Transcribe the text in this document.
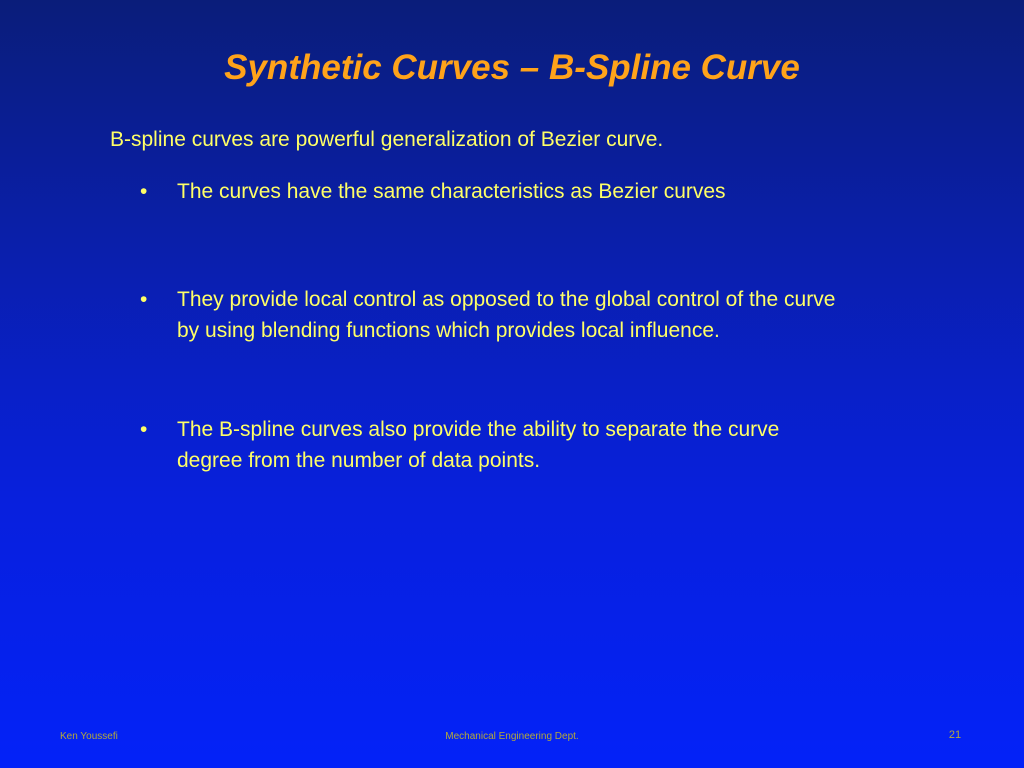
Synthetic Curves – B-Spline Curve

B-spline curves are powerful generalization of Bezier curve.

•	The curves have the same characteristics as Bezier curves
•	They provide local control as opposed to the global control of the curve by using blending functions which provides local influence.
•	The B-spline curves also provide the ability to separate the curve degree from the number of data points.
Ken Youssefi	Mechanical Engineering Dept.	21
